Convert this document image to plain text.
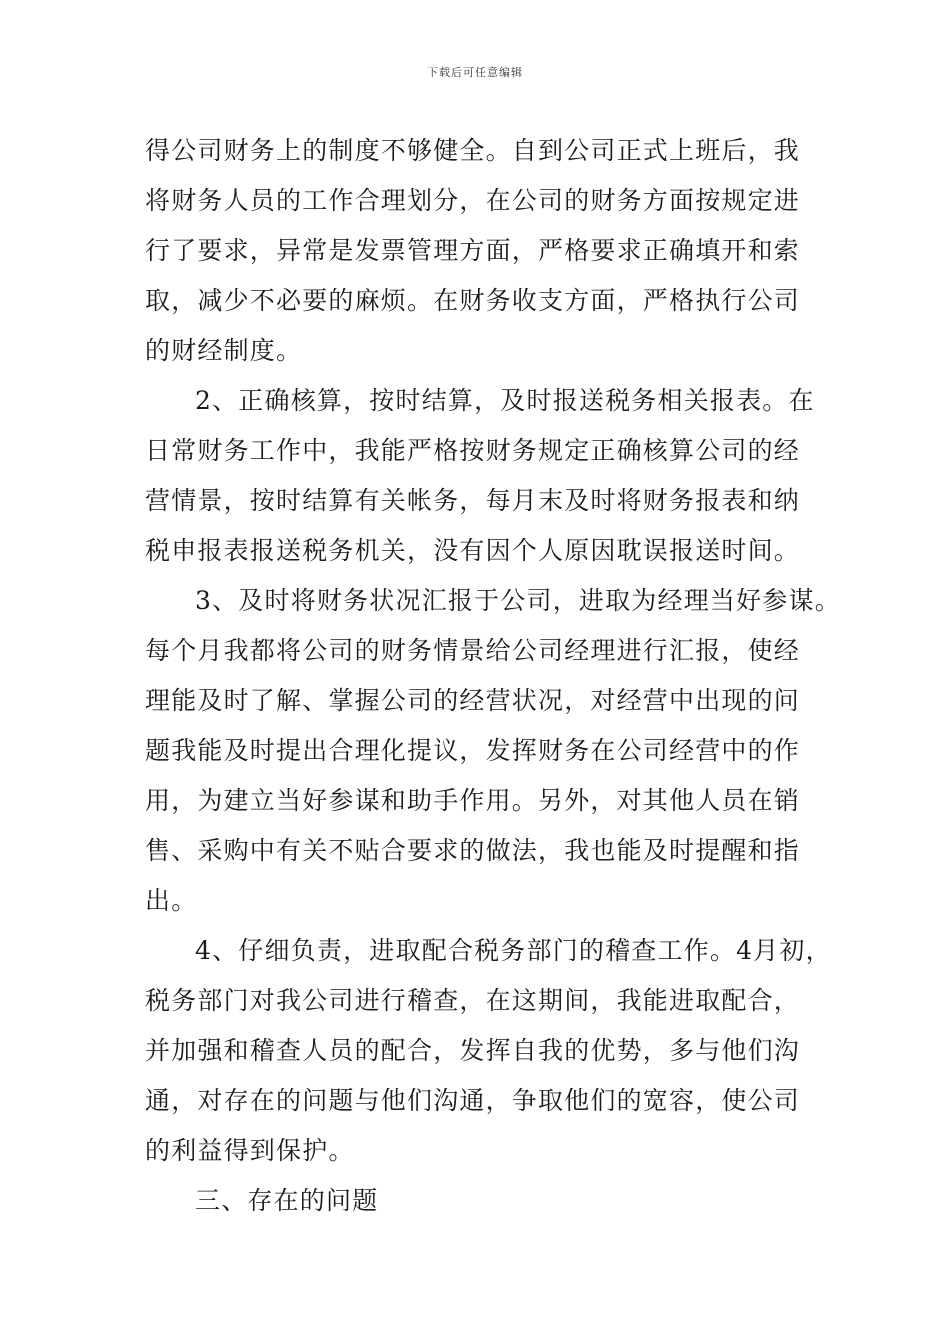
下载后可任意编辑
得公司财务上的制度不够健全。自到公司正式上班后，我
将财务人员的工作合理划分，在公司的财务方面按规定进
行了要求，异常是发票管理方面，严格要求正确填开和索
取，减少不必要的麻烦。在财务收支方面，严格执行公司
的财经制度。
2、正确核算，按时结算，及时报送税务相关报表。在
日常财务工作中，我能严格按财务规定正确核算公司的经
营情景，按时结算有关帐务，每月末及时将财务报表和纳
税申报表报送税务机关，没有因个人原因耽误报送时间。
3、及时将财务状况汇报于公司，进取为经理当好参谋。
每个月我都将公司的财务情景给公司经理进行汇报，使经
理能及时了解、掌握公司的经营状况，对经营中出现的问
题我能及时提出合理化提议，发挥财务在公司经营中的作
用，为建立当好参谋和助手作用。另外，对其他人员在销
售、采购中有关不贴合要求的做法，我也能及时提醒和指
出。
4、仔细负责，进取配合税务部门的稽查工作。4月初，
税务部门对我公司进行稽查，在这期间，我能进取配合，
并加强和稽查人员的配合，发挥自我的优势，多与他们沟
通，对存在的问题与他们沟通，争取他们的宽容，使公司
的利益得到保护。
三、存在的问题
